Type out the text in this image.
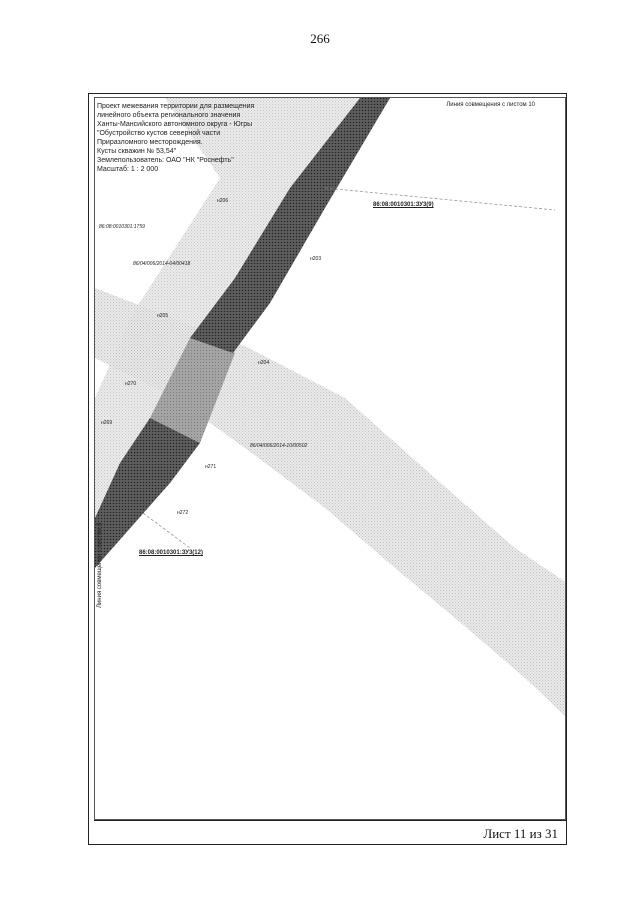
266
Проект межевания территории для размещения
линейного объекта регионального значения
Ханты-Мансийского автономного округа - Югры
"Обустройство кустов северной части
Приразломного месторождения.
Кусты скважин № 53,54"
Землепользователь: ОАО "НК "Роснефть"
Масштаб: 1 : 2 000
Линия совмещения с листом 10
Линия совмещения с листом 8
86:08:0010301:1759
86/04/006/2014-04/00418
86/04/006/2014-10/00502
86:08:0010301:ЗУ3(9)
86:08:0010301:ЗУ3(12)
н206
н203
н205
н204
н270
н269
н271
н272
Лист 11 из 31
